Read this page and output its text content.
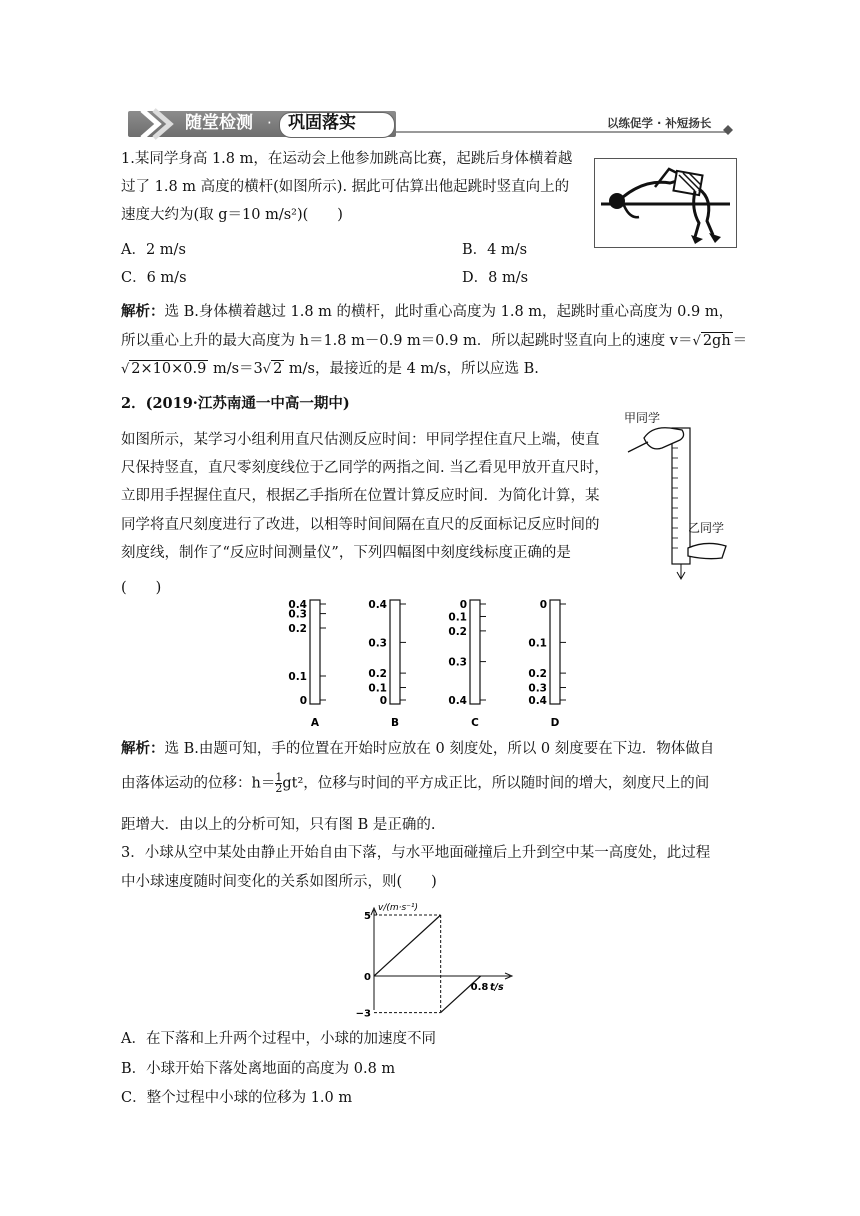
随堂检测 · 巩固落实	以练促学 · 补短扬长
1.某同学身高 1.8 m，在运动会上他参加跳高比赛，起跳后身体横着越
过了 1.8 m 高度的横杆(如图所示). 据此可估算出他起跳时竖直向上的
速度大约为(取 g＝10 m/s²)(　　)
A．2 m/s	B．4 m/s
C．6 m/s	D．8 m/s
解析：选 B.身体横着越过 1.8 m 的横杆，此时重心高度为 1.8 m，起跳时重心高度为 0.9 m，
所以重心上升的最大高度为 h＝1.8 m－0.9 m＝0.9 m．所以起跳时竖直向上的速度 v＝√ 2gh ＝
√ 2×10×0.9 m/s＝3√ 2 m/s，最接近的是 4 m/s，所以应选 B.
2．(2019·江苏南通一中高一期中)
如图所示，某学习小组利用直尺估测反应时间：甲同学捏住直尺上端，使直
尺保持竖直，直尺零刻度线位于乙同学的两指之间. 当乙看见甲放开直尺时，
立即用手捏握住直尺，根据乙手指所在位置计算反应时间．为简化计算，某
同学将直尺刻度进行了改进，以相等时间间隔在直尺的反面标记反应时间的
刻度线，制作了“反应时间测量仪”，下列四幅图中刻度线标度正确的是
(　　)
甲同学
乙同学
0.4
0.3
0.2
0.1
0
A
0.4
0.3
0.2
0.1
0
B
0
0.1
0.2
0.3
0.4
C
0
0.1
0.2
0.3
0.4
D
解析：选 B.由题可知，手的位置在开始时应放在 0 刻度处，所以 0 刻度要在下边．物体做自
由落体运动的位移：$h= \frac{1}{2} gt^2$，位移与时间的平方成正比，所以随时间的增大，刻度尺上的间
距增大．由以上的分析可知，只有图 B 是正确的.
3．小球从空中某处由静止开始自由下落，与水平地面碰撞后上升到空中某一高度处，此过程
中小球速度随时间变化的关系如图所示，则(　　)
v/(m·s⁻¹)
t/s
5
0
−3
0.8
A．在下落和上升两个过程中，小球的加速度不同
B．小球开始下落处离地面的高度为 0.8 m
C．整个过程中小球的位移为 1.0 m
